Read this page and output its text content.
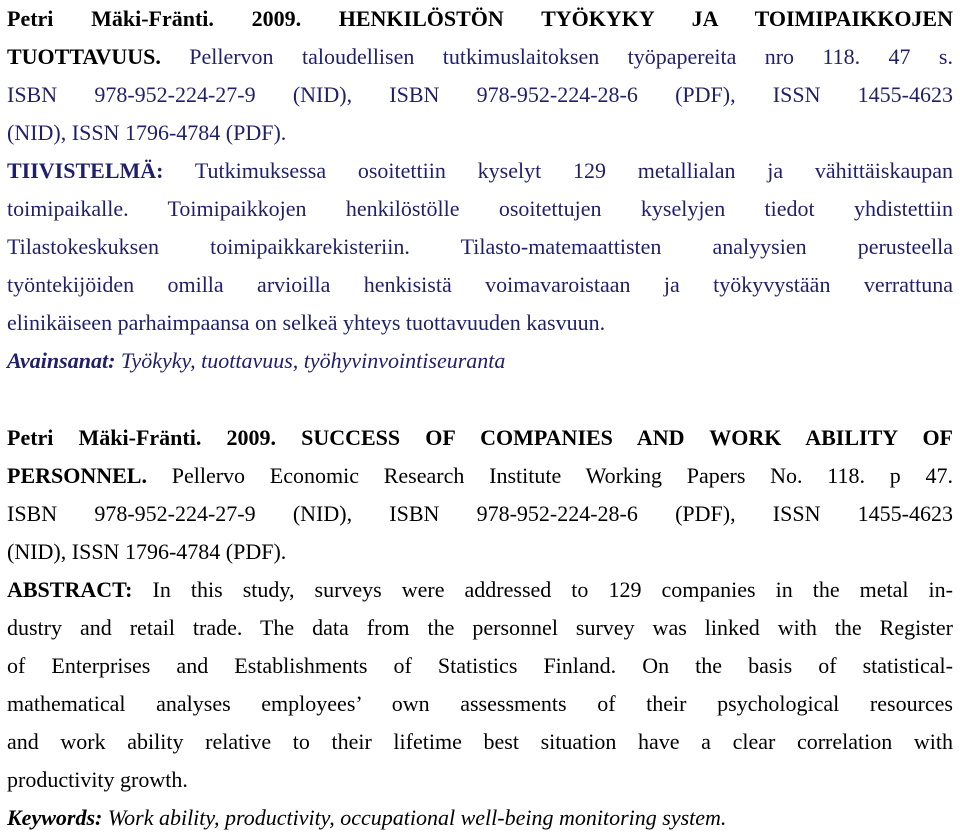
Petri Mäki-Fränti. 2009. HENKILÖSTÖN TYÖKYKY JA TOIMIPAIKKOJEN
TUOTTAVUUS. Pellervon taloudellisen tutkimuslaitoksen työpapereita nro 118. 47 s.
ISBN 978-952-224-27-9 (NID), ISBN 978-952-224-28-6 (PDF), ISSN 1455-4623
(NID), ISSN 1796-4784 (PDF).
TIIVISTELMÄ: Tutkimuksessa osoitettiin kyselyt 129 metallialan ja vähittäiskaupan
toimipaikalle. Toimipaikkojen henkilöstölle osoitettujen kyselyjen tiedot yhdistettiin
Tilastokeskuksen toimipaikkarekisteriin. Tilasto-matemaattisten analyysien perusteella
työntekijöiden omilla arvioilla henkisistä voimavaroistaan ja työkyvystään verrattuna
elinikäiseen parhaimpaansa on selkeä yhteys tuottavuuden kasvuun.
Avainsanat: Työkyky, tuottavuus, työhyvinvointiseuranta
Petri Mäki-Fränti. 2009. SUCCESS OF COMPANIES AND WORK ABILITY OF
PERSONNEL. Pellervo Economic Research Institute Working Papers No. 118. p 47.
ISBN 978-952-224-27-9 (NID), ISBN 978-952-224-28-6 (PDF), ISSN 1455-4623
(NID), ISSN 1796-4784 (PDF).
ABSTRACT: In this study, surveys were addressed to 129 companies in the metal in-
dustry and retail trade. The data from the personnel survey was linked with the Register
of Enterprises and Establishments of Statistics Finland. On the basis of statistical-
mathematical analyses employees’ own assessments of their psychological resources
and work ability relative to their lifetime best situation have a clear correlation with
productivity growth.
Keywords: Work ability, productivity, occupational well-being monitoring system.
